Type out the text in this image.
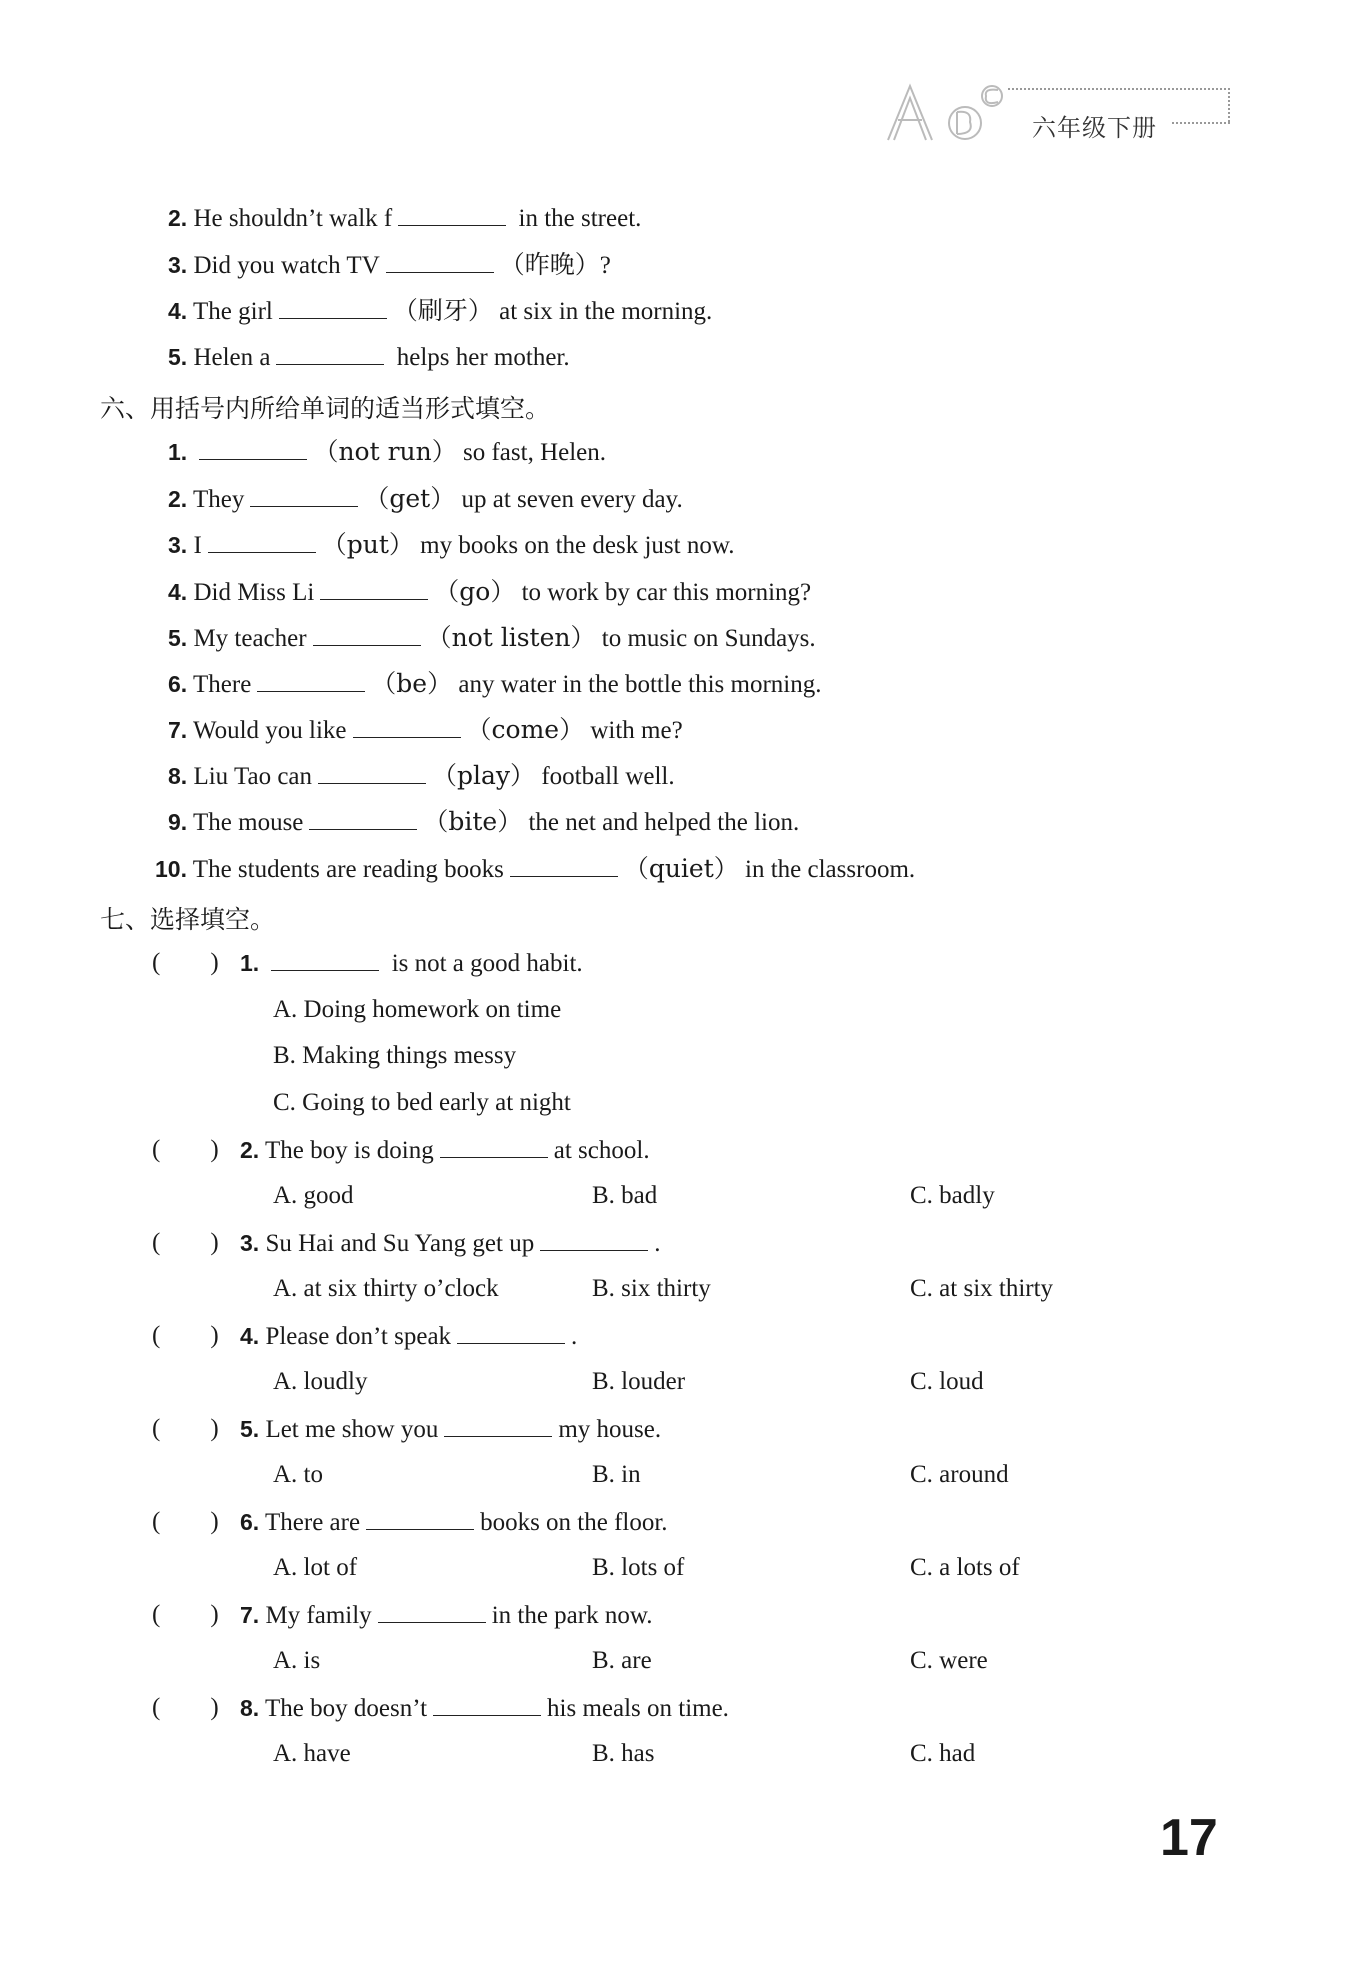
六年级下册
2. He shouldn’t walk f	in the street.
3. Did you watch TV	（昨晚）?
4. The girl	（刷牙） at six in the morning.
5. Helen a	helps her mother.
六、用括号内所给单词的适当形式填空。
1.	（not run） so fast, Helen.
2. They	（get） up at seven every day.
3. I	（put） my books on the desk just now.
4. Did Miss Li	（go） to work by car this morning?
5. My teacher	（not listen） to music on Sundays.
6. There	（be） any water in the bottle this morning.
7. Would you like	（come） with me?
8. Liu Tao can	（play） football well.
9. The mouse	（bite） the net and helped the lion.
10. The students are reading books	（quiet） in the classroom.
七、选择填空。
(　　) 1.	is not a good habit.
A. Doing homework on time
B. Making things messy
C. Going to bed early at night
(　　) 2. The boy is doing	at school.
A. good	B. bad	C. badly
(　　) 3. Su Hai and Su Yang get up	.
A. at six thirty o’clock	B. six thirty	C. at six thirty
(　　) 4. Please don’t speak	.
A. loudly	B. louder	C. loud
(　　) 5. Let me show you	my house.
A. to	B. in	C. around
(　　) 6. There are	books on the floor.
A. lot of	B. lots of	C. a lots of
(　　) 7. My family	in the park now.
A. is	B. are	C. were
(　　) 8. The boy doesn’t	his meals on time.
A. have	B. has	C. had
17
